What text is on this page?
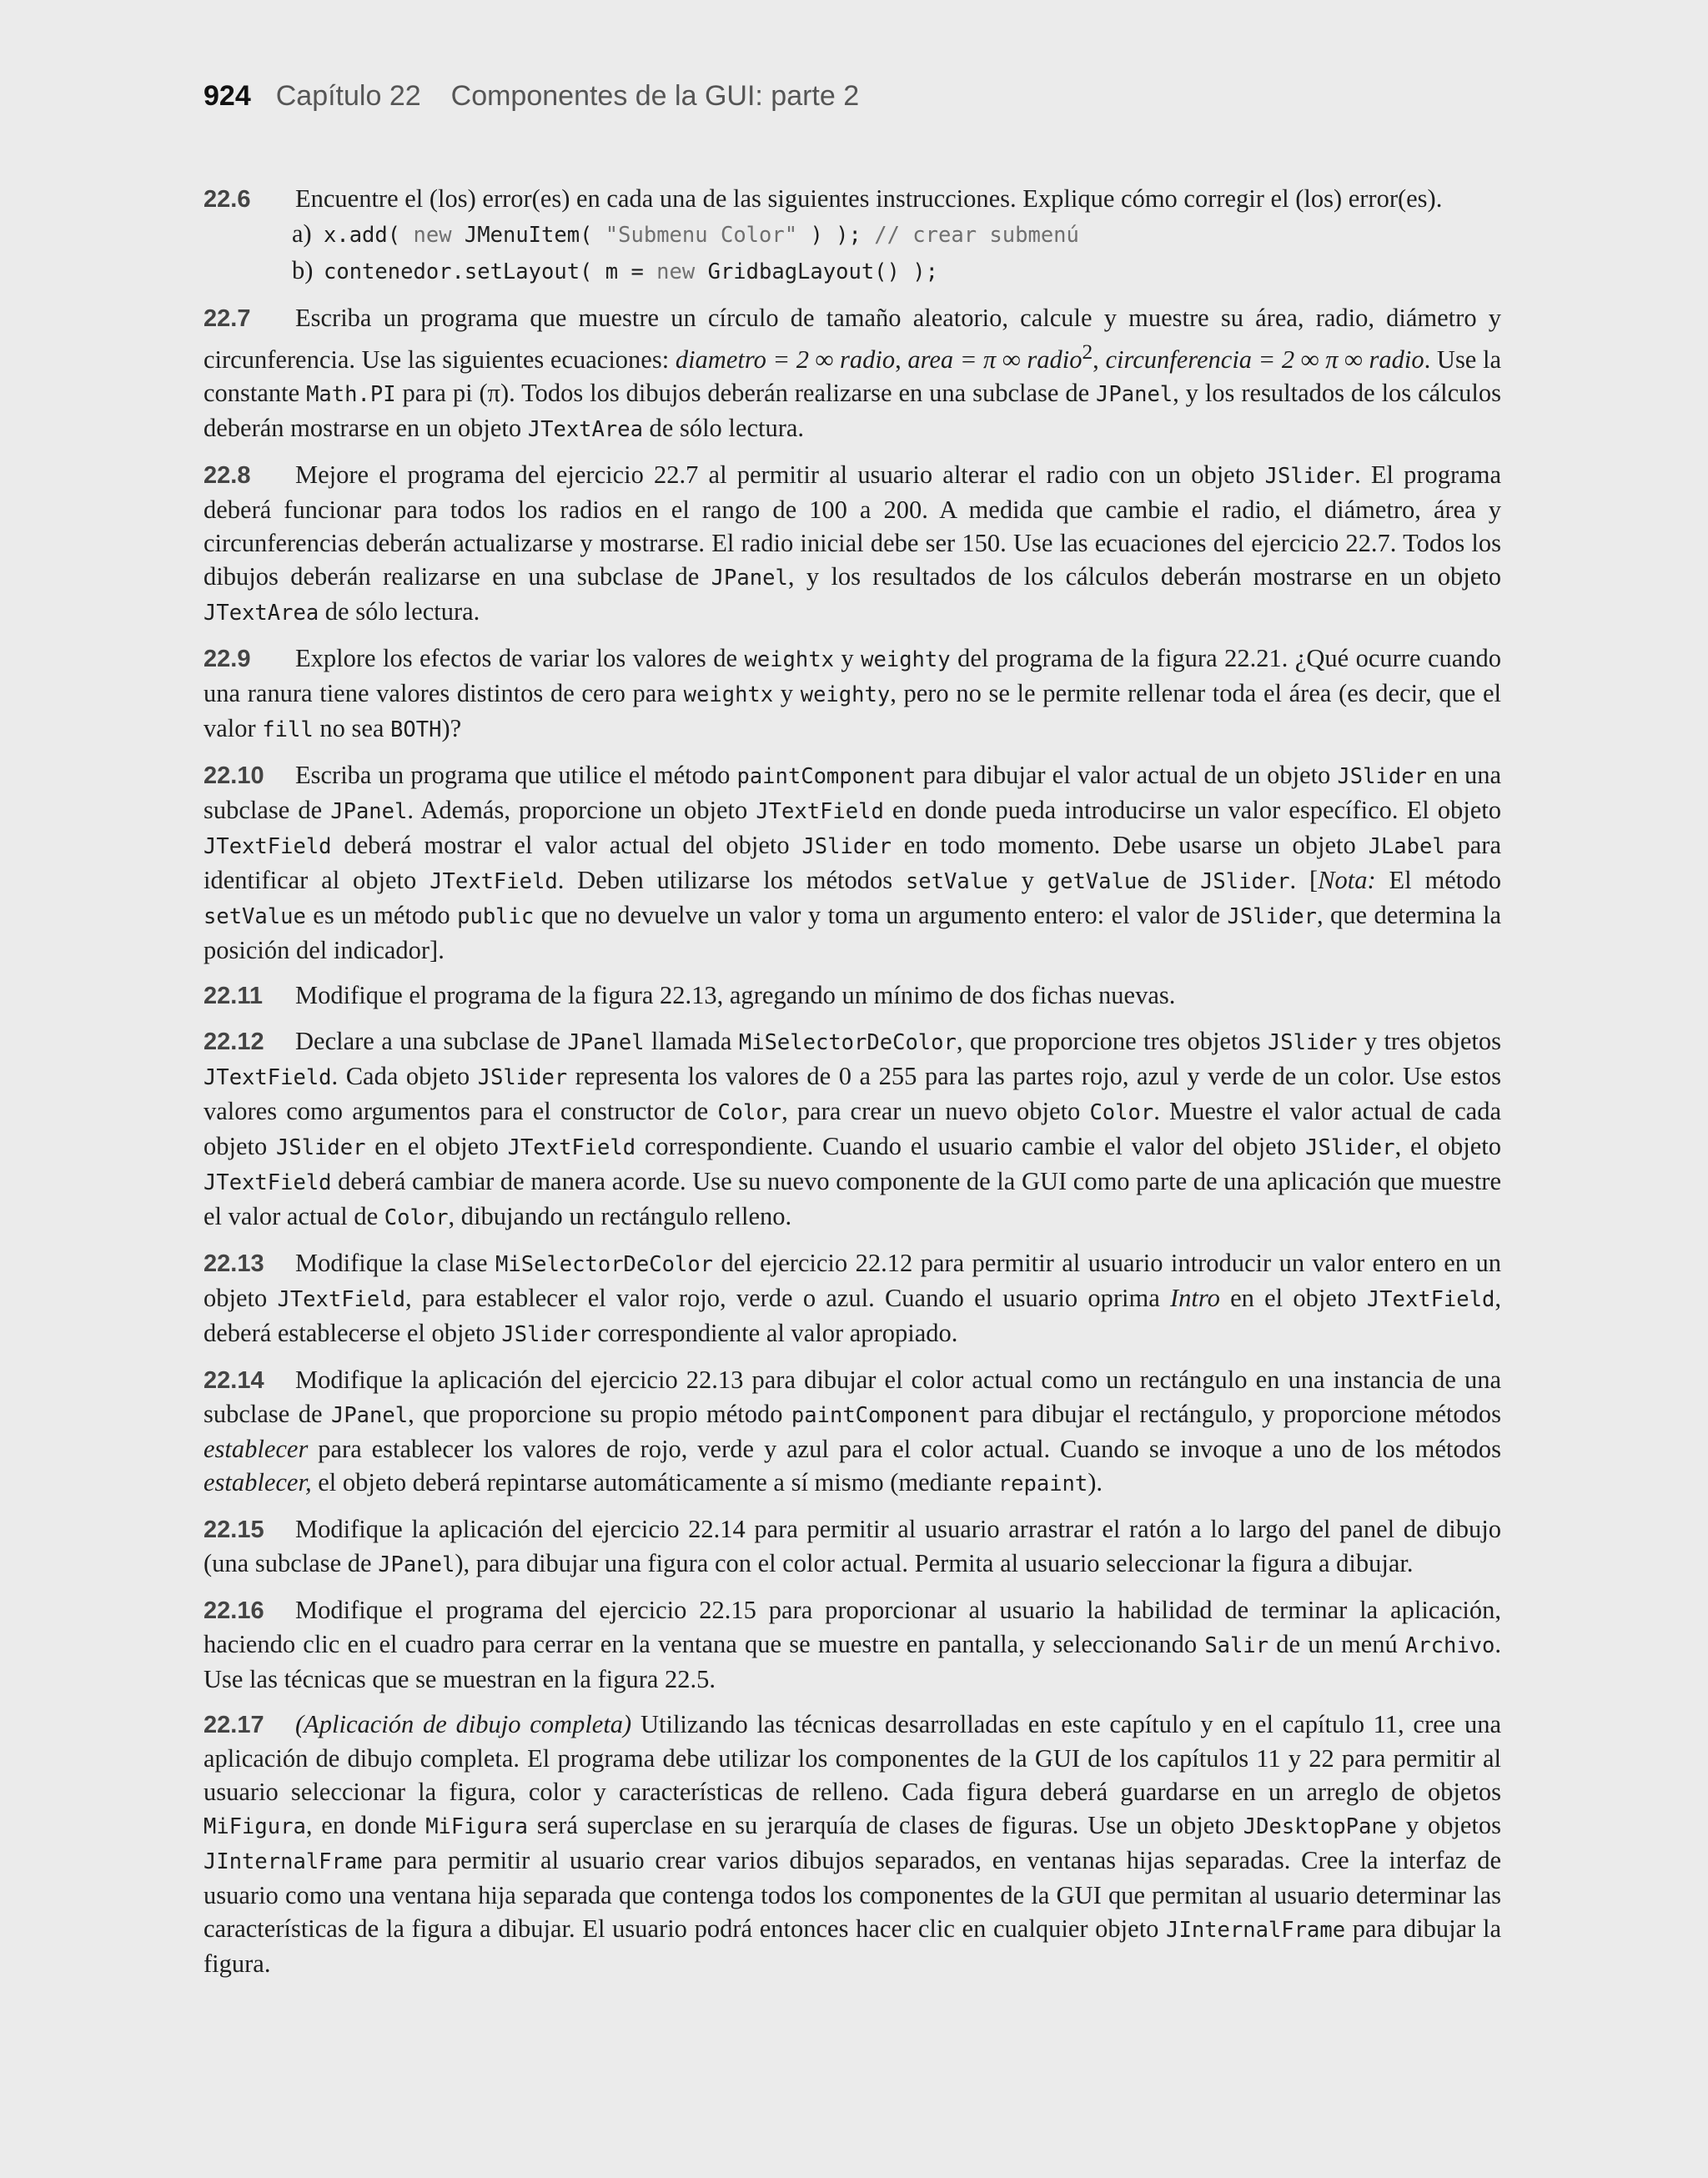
924 Capítulo 22 Componentes de la GUI: parte 2
22.6 Encuentre el (los) error(es) en cada una de las siguientes instrucciones. Explique cómo corregir el (los) error(es).
a) x.add( new JMenuItem( "Submenu Color" ) ); // crear submenú
b) contenedor.setLayout( m = new GridbagLayout() );
22.7 Escriba un programa que muestre un círculo de tamaño aleatorio, calcule y muestre su área, radio, diámetro y circunferencia. Use las siguientes ecuaciones: diametro = 2 ∞ radio, area = π ∞ radio$^2$, circunferencia = 2 ∞ π ∞ radio. Use la constante Math.PI para pi (π). Todos los dibujos deberán realizarse en una subclase de JPanel, y los resultados de los cálculos deberán mostrarse en un objeto JTextArea de sólo lectura.
22.8 Mejore el programa del ejercicio 22.7 al permitir al usuario alterar el radio con un objeto JSlider. El programa deberá funcionar para todos los radios en el rango de 100 a 200. A medida que cambie el radio, el diámetro, área y circunferencias deberán actualizarse y mostrarse. El radio inicial debe ser 150. Use las ecuaciones del ejercicio 22.7. Todos los dibujos deberán realizarse en una subclase de JPanel, y los resultados de los cálculos deberán mostrarse en un objeto JTextArea de sólo lectura.
22.9 Explore los efectos de variar los valores de weightx y weighty del programa de la figura 22.21. ¿Qué ocurre cuando una ranura tiene valores distintos de cero para weightx y weighty, pero no se le permite rellenar toda el área (es decir, que el valor fill no sea BOTH)?
22.10 Escriba un programa que utilice el método paintComponent para dibujar el valor actual de un objeto JSlider en una subclase de JPanel. Además, proporcione un objeto JTextField en donde pueda introducirse un valor específico. El objeto JTextField deberá mostrar el valor actual del objeto JSlider en todo momento. Debe usarse un objeto JLabel para identificar al objeto JTextField. Deben utilizarse los métodos setValue y getValue de JSlider. [Nota: El método setValue es un método public que no devuelve un valor y toma un argumento entero: el valor de JSlider, que determina la posición del indicador].
22.11 Modifique el programa de la figura 22.13, agregando un mínimo de dos fichas nuevas.
22.12 Declare a una subclase de JPanel llamada MiSelectorDeColor, que proporcione tres objetos JSlider y tres objetos JTextField. Cada objeto JSlider representa los valores de 0 a 255 para las partes rojo, azul y verde de un color. Use estos valores como argumentos para el constructor de Color, para crear un nuevo objeto Color. Muestre el valor actual de cada objeto JSlider en el objeto JTextField correspondiente. Cuando el usuario cambie el valor del objeto JSlider, el objeto JTextField deberá cambiar de manera acorde. Use su nuevo componente de la GUI como parte de una aplicación que muestre el valor actual de Color, dibujando un rectángulo relleno.
22.13 Modifique la clase MiSelectorDeColor del ejercicio 22.12 para permitir al usuario introducir un valor entero en un objeto JTextField, para establecer el valor rojo, verde o azul. Cuando el usuario oprima Intro en el objeto JTextField, deberá establecerse el objeto JSlider correspondiente al valor apropiado.
22.14 Modifique la aplicación del ejercicio 22.13 para dibujar el color actual como un rectángulo en una instancia de una subclase de JPanel, que proporcione su propio método paintComponent para dibujar el rectángulo, y proporcione métodos establecer para establecer los valores de rojo, verde y azul para el color actual. Cuando se invoque a uno de los métodos establecer, el objeto deberá repintarse automáticamente a sí mismo (mediante repaint).
22.15 Modifique la aplicación del ejercicio 22.14 para permitir al usuario arrastrar el ratón a lo largo del panel de dibujo (una subclase de JPanel), para dibujar una figura con el color actual. Permita al usuario seleccionar la figura a dibujar.
22.16 Modifique el programa del ejercicio 22.15 para proporcionar al usuario la habilidad de terminar la aplicación, haciendo clic en el cuadro para cerrar en la ventana que se muestre en pantalla, y seleccionando Salir de un menú Archivo. Use las técnicas que se muestran en la figura 22.5.
22.17 (Aplicación de dibujo completa) Utilizando las técnicas desarrolladas en este capítulo y en el capítulo 11, cree una aplicación de dibujo completa. El programa debe utilizar los componentes de la GUI de los capítulos 11 y 22 para permitir al usuario seleccionar la figura, color y características de relleno. Cada figura deberá guardarse en un arreglo de objetos MiFigura, en donde MiFigura será superclase en su jerarquía de clases de figuras. Use un objeto JDesktopPane y objetos JInternalFrame para permitir al usuario crear varios dibujos separados, en ventanas hijas separadas. Cree la interfaz de usuario como una ventana hija separada que contenga todos los componentes de la GUI que permitan al usuario determinar las características de la figura a dibujar. El usuario podrá entonces hacer clic en cualquier objeto JInternalFrame para dibujar la figura.
